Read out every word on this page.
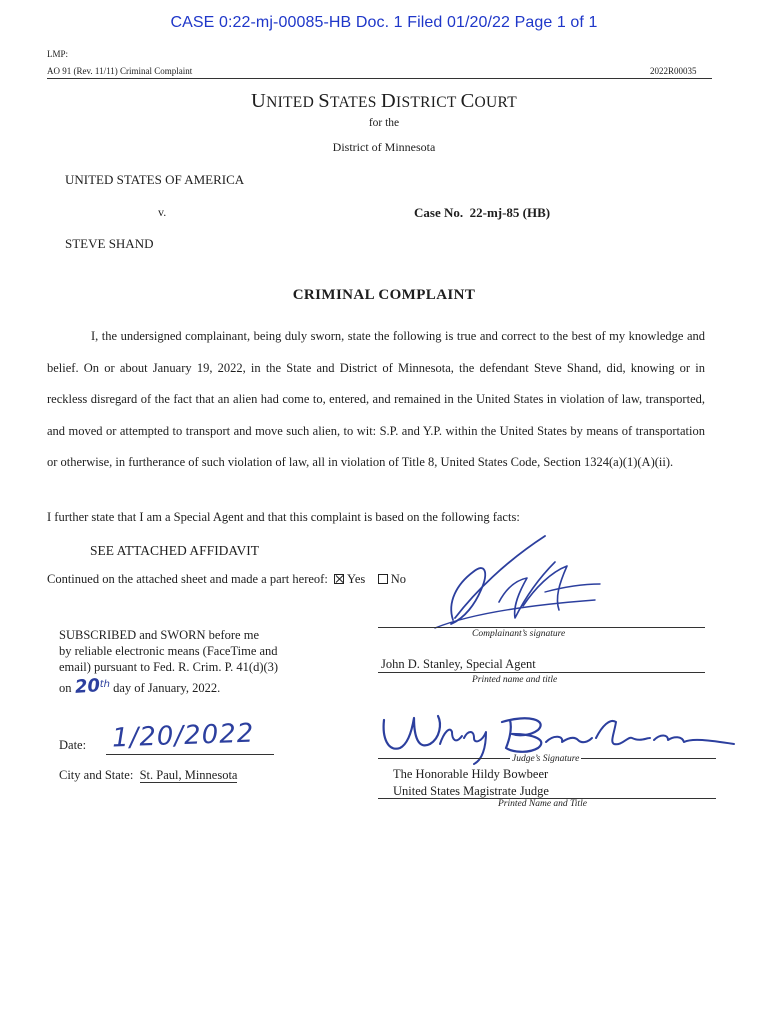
CASE 0:22-mj-00085-HB Doc. 1 Filed 01/20/22 Page 1 of 1
LMP:
AO 91 (Rev. 11/11) Criminal Complaint	2022R00035
UNITED STATES DISTRICT COURT
for the
District of Minnesota
UNITED STATES OF AMERICA
v.	Case No. 22-mj-85 (HB)
STEVE SHAND
CRIMINAL COMPLAINT
I, the undersigned complainant, being duly sworn, state the following is true and correct to the best of my knowledge and belief. On or about January 19, 2022, in the State and District of Minnesota, the defendant Steve Shand, did, knowing or in reckless disregard of the fact that an alien had come to, entered, and remained in the United States in violation of law, transported, and moved or attempted to transport and move such alien, to wit: S.P. and Y.P. within the United States by means of transportation or otherwise, in furtherance of such violation of law, all in violation of Title 8, United States Code, Section 1324(a)(1)(A)(ii).
I further state that I am a Special Agent and that this complaint is based on the following facts:
SEE ATTACHED AFFIDAVIT
Continued on the attached sheet and made a part hereof: Yes No
Complainant’s signature
John D. Stanley, Special Agent
Printed name and title
SUBSCRIBED and SWORN before me
by reliable electronic means (FaceTime and
email) pursuant to Fed. R. Crim. P. 41(d)(3)
on 20th day of January, 2022.
Date: 1/20/2022
City and State: St. Paul, Minnesota
Judge’s Signature
The Honorable Hildy Bowbeer
United States Magistrate Judge
Printed Name and Title
